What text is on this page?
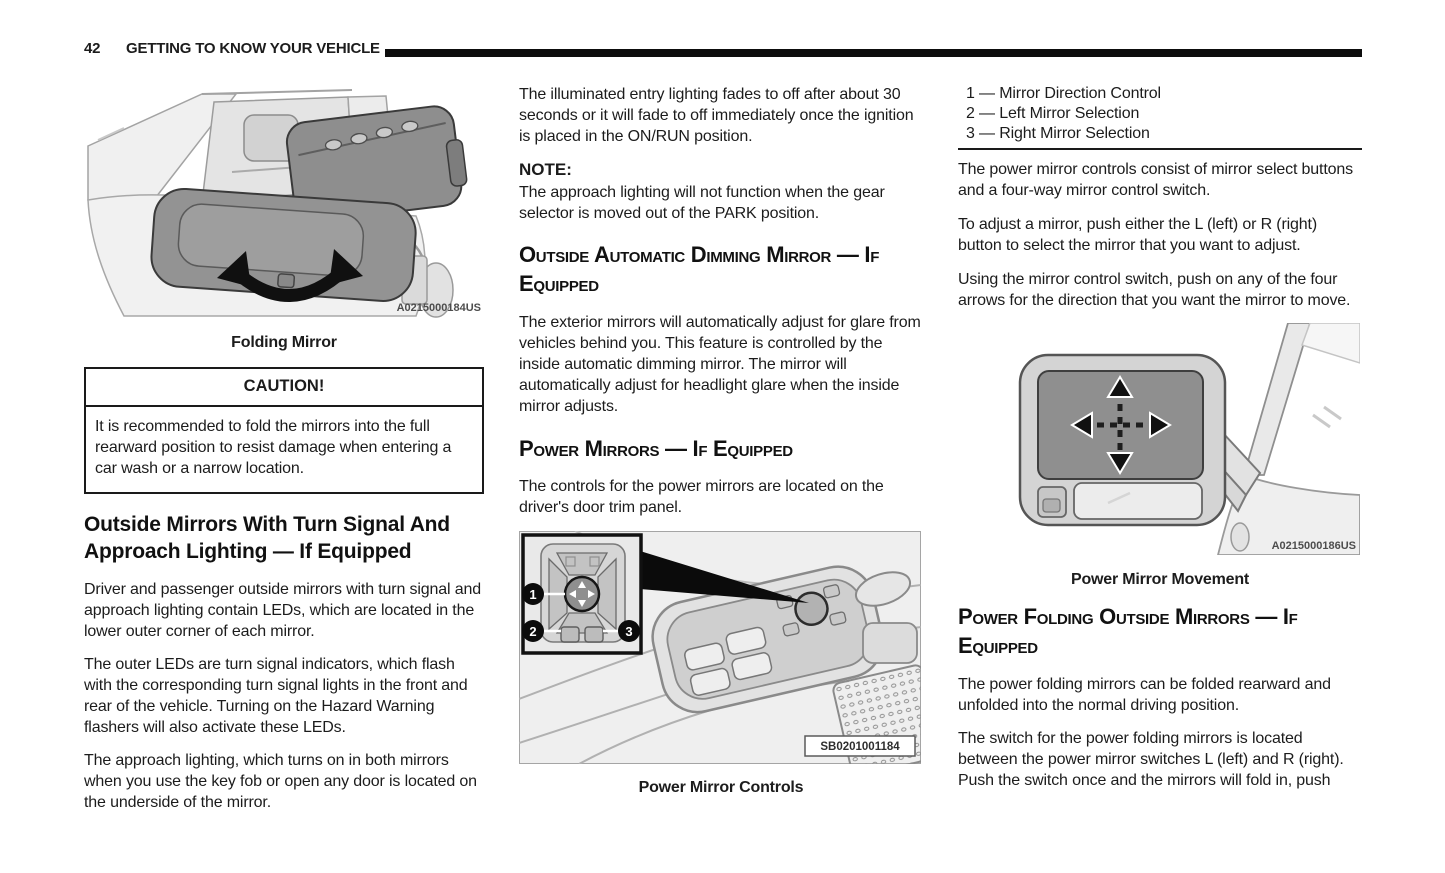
42 GETTING TO KNOW YOUR VEHICLE
A0215000184US
Folding Mirror
CAUTION!
It is recommended to fold the mirrors into the full rearward position to resist damage when entering a car wash or a narrow location.
Outside Mirrors With Turn Signal And Approach Lighting — If Equipped

Driver and passenger outside mirrors with turn signal and approach lighting contain LEDs, which are located in the lower outer corner of each mirror.

The outer LEDs are turn signal indicators, which flash with the corresponding turn signal lights in the front and rear of the vehicle. Turning on the Hazard Warning flashers will also activate these LEDs.

The approach lighting, which turns on in both mirrors when you use the key fob or open any door is located on the underside of the mirror.

The illuminated entry lighting fades to off after about 30 seconds or it will fade to off immediately once the ignition is placed in the ON/RUN position.

NOTE:

The approach lighting will not function when the gear selector is moved out of the PARK position.

Outside Automatic Dimming Mirror — If Equipped

The exterior mirrors will automatically adjust for glare from vehicles behind you. This feature is controlled by the inside automatic dimming mirror. The mirror will automatically adjust for headlight glare when the inside mirror adjusts.

Power Mirrors — If Equipped

The controls for the power mirrors are located on the driver's door trim panel.

1
2	3
SB0201001184
Power Mirror Controls
1 — Mirror Direction Control
2 — Left Mirror Selection
3 — Right Mirror Selection

The power mirror controls consist of mirror select buttons and a four-way mirror control switch.

To adjust a mirror, push either the L (left) or R (right) button to select the mirror that you want to adjust.

Using the mirror control switch, push on any of the four arrows for the direction that you want the mirror to move.

A0215000186US
Power Mirror Movement
Power Folding Outside Mirrors — If Equipped

The power folding mirrors can be folded rearward and unfolded into the normal driving position.

The switch for the power folding mirrors is located between the power mirror switches L (left) and R (right). Push the switch once and the mirrors will fold in, push
